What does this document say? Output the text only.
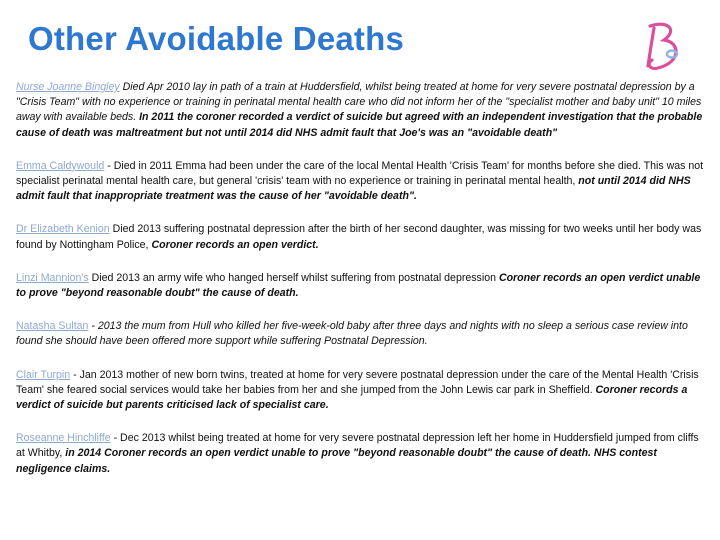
Other Avoidable Deaths

Nurse Joanne Bingley Died Apr 2010 lay in path of a train at Huddersfield, whilst being treated at home for very severe postnatal depression by a "Crisis Team" with no experience or training in perinatal mental health care who did not inform her of the "specialist mother and baby unit" 10 miles away with available beds. In 2011 the coroner recorded a verdict of suicide but agreed with an independent investigation that the probable cause of death was maltreatment but not until 2014 did NHS admit fault that Joe's was an "avoidable death"

Emma Caldywould - Died in 2011 Emma had been under the care of the local Mental Health 'Crisis Team' for months before she died. This was not specialist perinatal mental health care, but general 'crisis' team with no experience or training in perinatal mental health, not until 2014 did NHS admit fault that inappropriate treatment was the cause of her "avoidable death".

Dr Elizabeth Kenion Died 2013 suffering postnatal depression after the birth of her second daughter, was missing for two weeks until her body was found by Nottingham Police, Coroner records an open verdict.

Linzi Mannion's Died 2013 an army wife who hanged herself whilst suffering from postnatal depression Coroner records an open verdict unable to prove "beyond reasonable doubt" the cause of death.

Natasha Sultan - 2013 the mum from Hull who killed her five-week-old baby after three days and nights with no sleep a serious case review into found she should have been offered more support while suffering Postnatal Depression.

Clair Turpin - Jan 2013 mother of new born twins, treated at home for very severe postnatal depression under the care of the Mental Health 'Crisis Team' she feared social services would take her babies from her and she jumped from the John Lewis car park in Sheffield. Coroner records a verdict of suicide but parents criticised lack of specialist care.

Roseanne Hinchliffe - Dec 2013 whilst being treated at home for very severe postnatal depression left her home in Huddersfield jumped from cliffs at Whitby, in 2014 Coroner records an open verdict unable to prove "beyond reasonable doubt" the cause of death. NHS contest negligence claims.
